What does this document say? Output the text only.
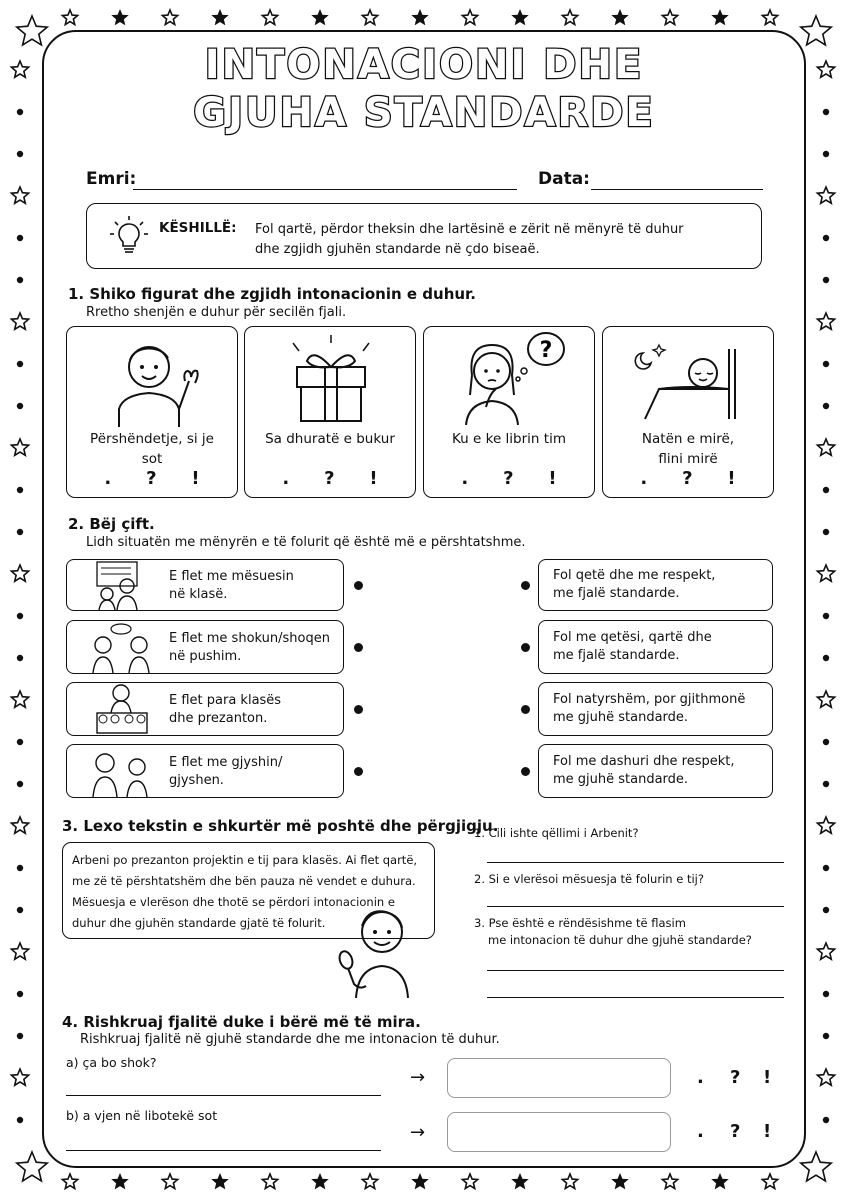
INTONACIONI DHE
GJUHA STANDARDE
Emri:	Data:
KËSHILLË: Fol qartë, përdor theksin dhe lartësinë e zërit në mënyrë të duhur
dhe zgjidh gjuhën standarde në çdo biseaë.
1. Shiko figurat dhe zgjidh intonacionin e duhur.
Rretho shenjën e duhur për secilën fjali.
Përshëndetje, si je
sot
. ? !
Sa dhuratë e bukur
. ? !
?
Ku e ke librin tim
. ? !
Natën e mirë,
flini mirë
. ? !
2. Bëj çift.
Lidh situatën me mënyrën e të folurit që është më e përshtatshme.
E flet me mësuesin
në klasë.
E flet me shokun/shoqen
në pushim.
E flet para klasës
dhe prezanton.
E flet me gjyshin/
gjyshen.
Fol qetë dhe me respekt,
me fjalë standarde.
Fol me qetësi, qartë dhe
me fjalë standarde.
Fol natyrshëm, por gjithmonë
me gjuhë standarde.
Fol me dashuri dhe respekt,
me gjuhë standarde.
3. Lexo tekstin e shkurtër më poshtë dhe përgjigju.
Arbeni po prezanton projektin e tij para klasës. Ai flet qartë,
me zë të përshtatshëm dhe bën pauza në vendet e duhura.
Mësuesja e vlerëson dhe thotë se përdori intonacionin e
duhur dhe gjuhën standarde gjatë të folurit.
1. Cili ishte qëllimi i Arbenit?
2. Si e vlerësoi mësuesja të folurin e tij?
3. Pse është e rëndësishme të flasim
me intonacion të duhur dhe gjuhë standarde?
4. Rishkruaj fjalitë duke i bërë më të mira.
Rishkruaj fjalitë në gjuhë standarde dhe me intonacion të duhur.
a) ça bo shok?
→	. ? !
b) a vjen në libotekë sot
→	. ? !
